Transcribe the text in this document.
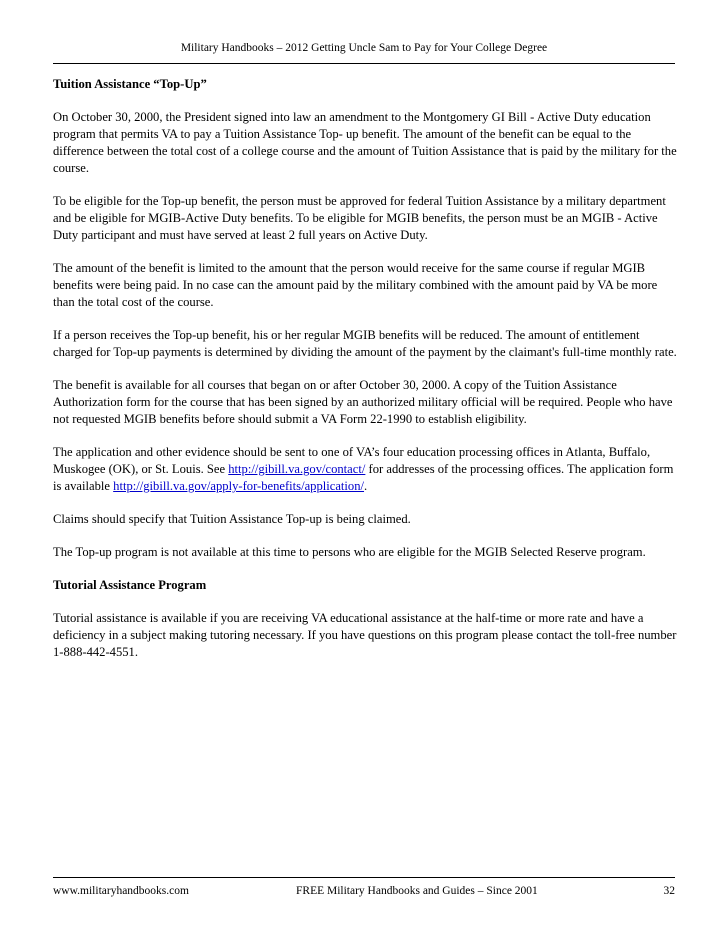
Military Handbooks – 2012 Getting Uncle Sam to Pay for Your College Degree
Tuition Assistance “Top-Up”

On October 30, 2000, the President signed into law an amendment to the Montgomery GI Bill - Active Duty education program that permits VA to pay a Tuition Assistance Top- up benefit. The amount of the benefit can be equal to the difference between the total cost of a college course and the amount of Tuition Assistance that is paid by the military for the course.

To be eligible for the Top-up benefit, the person must be approved for federal Tuition Assistance by a military department and be eligible for MGIB-Active Duty benefits. To be eligible for MGIB benefits, the person must be an MGIB - Active Duty participant and must have served at least 2 full years on Active Duty.

The amount of the benefit is limited to the amount that the person would receive for the same course if regular MGIB benefits were being paid. In no case can the amount paid by the military combined with the amount paid by VA be more than the total cost of the course.

If a person receives the Top-up benefit, his or her regular MGIB benefits will be reduced. The amount of entitlement charged for Top-up payments is determined by dividing the amount of the payment by the claimant's full-time monthly rate.

The benefit is available for all courses that began on or after October 30, 2000. A copy of the Tuition Assistance Authorization form for the course that has been signed by an authorized military official will be required. People who have not requested MGIB benefits before should submit a VA Form 22-1990 to establish eligibility.

The application and other evidence should be sent to one of VA’s four education processing offices in Atlanta, Buffalo, Muskogee (OK), or St. Louis. See http://gibill.va.gov/contact/ for addresses of the processing offices. The application form is available http://gibill.va.gov/apply-for-benefits/application/.

Claims should specify that Tuition Assistance Top-up is being claimed.

The Top-up program is not available at this time to persons who are eligible for the MGIB Selected Reserve program.

Tutorial Assistance Program

Tutorial assistance is available if you are receiving VA educational assistance at the half-time or more rate and have a deficiency in a subject making tutoring necessary. If you have questions on this program please contact the toll-free number 1-888-442-4551.

www.militaryhandbooks.com	FREE Military Handbooks and Guides – Since 2001	32
